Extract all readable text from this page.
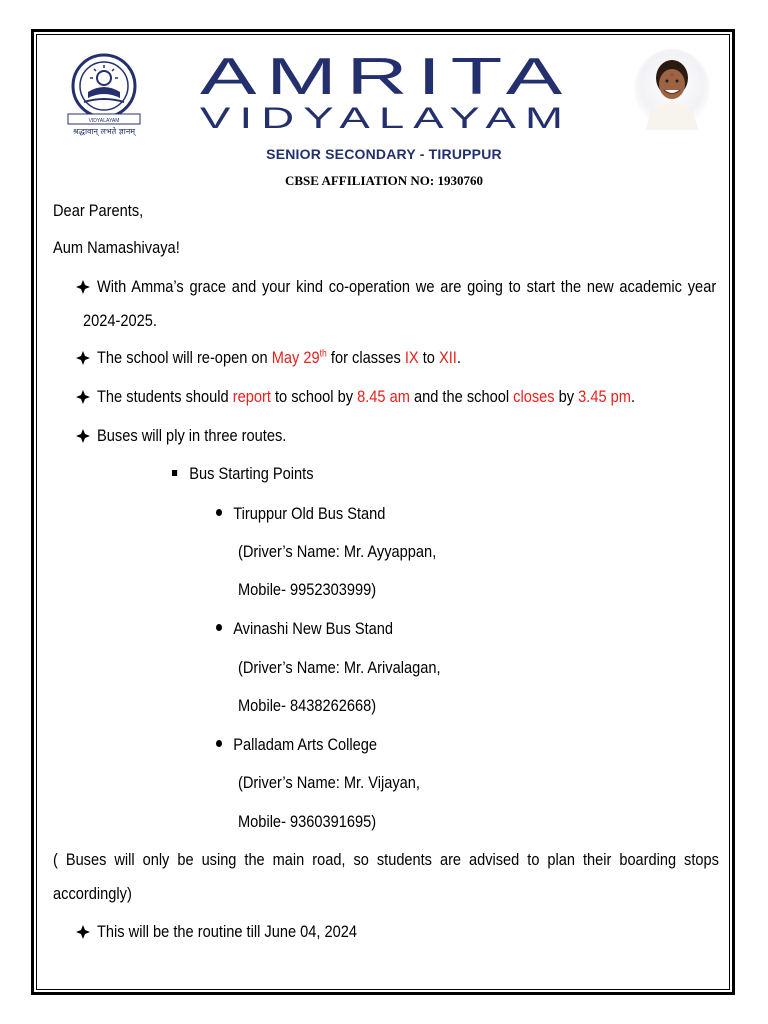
VIDYALAYAM
श्रद्धावान् लभते ज्ञानम्
AMRITA
VIDYALAYAM
SENIOR SECONDARY - TIRUPPUR
CBSE AFFILIATION NO: 1930760
Dear Parents,
Aum Namashivaya!
With Amma’s grace and your kind co-operation we are going to start the new academic year
2024-2025.
The school will re-open on May 29th for classes IX to XII.
The students should report to school by 8.45 am and the school closes by 3.45 pm.
Buses will ply in three routes.
Bus Starting Points
Tiruppur Old Bus Stand
(Driver’s Name: Mr. Ayyappan,
Mobile- 9952303999)
Avinashi New Bus Stand
(Driver’s Name: Mr. Arivalagan,
Mobile- 8438262668)
Palladam Arts College
(Driver’s Name: Mr. Vijayan,
Mobile- 9360391695)
( Buses will only be using the main road, so students are advised to plan their boarding stops
accordingly)
This will be the routine till June 04, 2024
